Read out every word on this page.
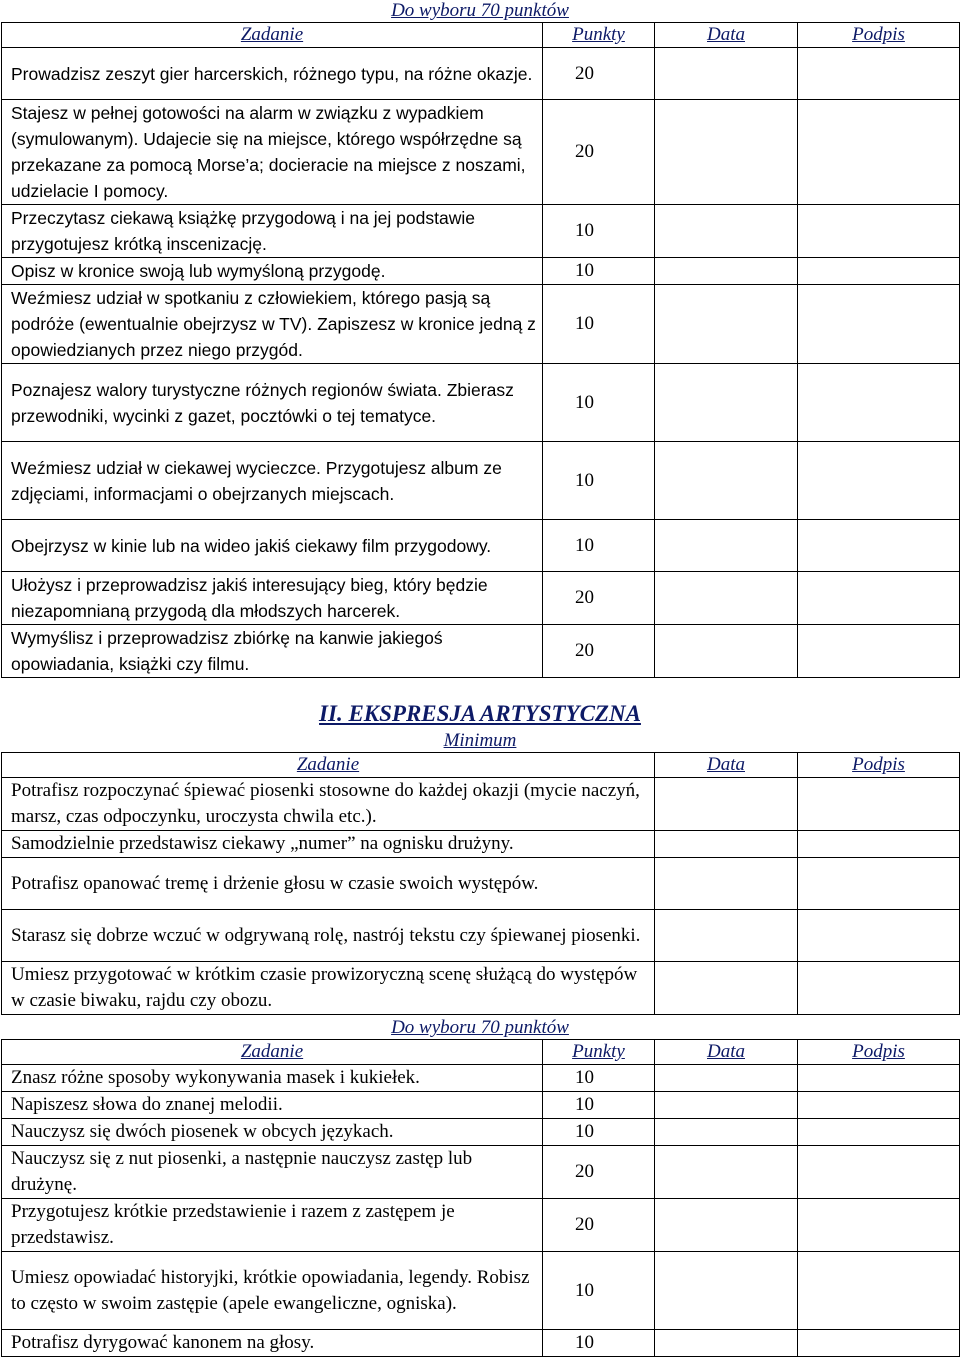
Do wyboru 70 punktów

Zadanie	Punkty	Data	Podpis
Prowadzisz zeszyt gier harcerskich, różnego typu, na różne okazje.	20		
Stajesz w pełnej gotowości na alarm w związku z wypadkiem (symulowanym). Udajecie się na miejsce, którego współrzędne są przekazane za pomocą Morse’a; docieracie na miejsce z noszami, udzielacie I pomocy.	20		
Przeczytasz ciekawą książkę przygodową i na jej podstawie przygotujesz krótką inscenizację.	10		
Opisz w kronice swoją lub wymyśloną przygodę.	10		
Weźmiesz udział w spotkaniu z człowiekiem, którego pasją są podróże (ewentualnie obejrzysz w TV). Zapiszesz w kronice jedną z opowiedzianych przez niego przygód.	10		
Poznajesz walory turystyczne różnych regionów świata. Zbierasz przewodniki, wycinki z gazet, pocztówki o tej tematyce.	10		
Weźmiesz udział w ciekawej wycieczce. Przygotujesz album ze zdjęciami, informacjami o obejrzanych miejscach.	10		
Obejrzysz w kinie lub na wideo jakiś ciekawy film przygodowy.	10		
Ułożysz i przeprowadzisz jakiś interesujący bieg, który będzie niezapomnianą przygodą dla młodszych harcerek.	20		
Wymyślisz i przeprowadzisz zbiórkę na kanwie jakiegoś opowiadania, książki czy filmu.	20		

II. EKSPRESJA ARTYSTYCZNA

Minimum

Zadanie	Data	Podpis
Potrafisz rozpoczynać śpiewać piosenki stosowne do każdej okazji (mycie naczyń, marsz, czas odpoczynku, uroczysta chwila etc.).		
Samodzielnie przedstawisz ciekawy „numer” na ognisku drużyny.		
Potrafisz opanować tremę i drżenie głosu w czasie swoich występów.		
Starasz się dobrze wczuć w odgrywaną rolę, nastrój tekstu czy śpiewanej piosenki.		
Umiesz przygotować w krótkim czasie prowizoryczną scenę służącą do występów w czasie biwaku, rajdu czy obozu.		

Do wyboru 70 punktów

Zadanie	Punkty	Data	Podpis
Znasz różne sposoby wykonywania masek i kukiełek.	10		
Napiszesz słowa do znanej melodii.	10		
Nauczysz się dwóch piosenek w obcych językach.	10		
Nauczysz się z nut piosenki, a następnie nauczysz zastęp lub drużynę.	20		
Przygotujesz krótkie przedstawienie i razem z zastępem je przedstawisz.	20		
Umiesz opowiadać historyjki, krótkie opowiadania, legendy. Robisz to często w swoim zastępie (apele ewangeliczne, ogniska).	10		
Potrafisz dyrygować kanonem na głosy.	10		
